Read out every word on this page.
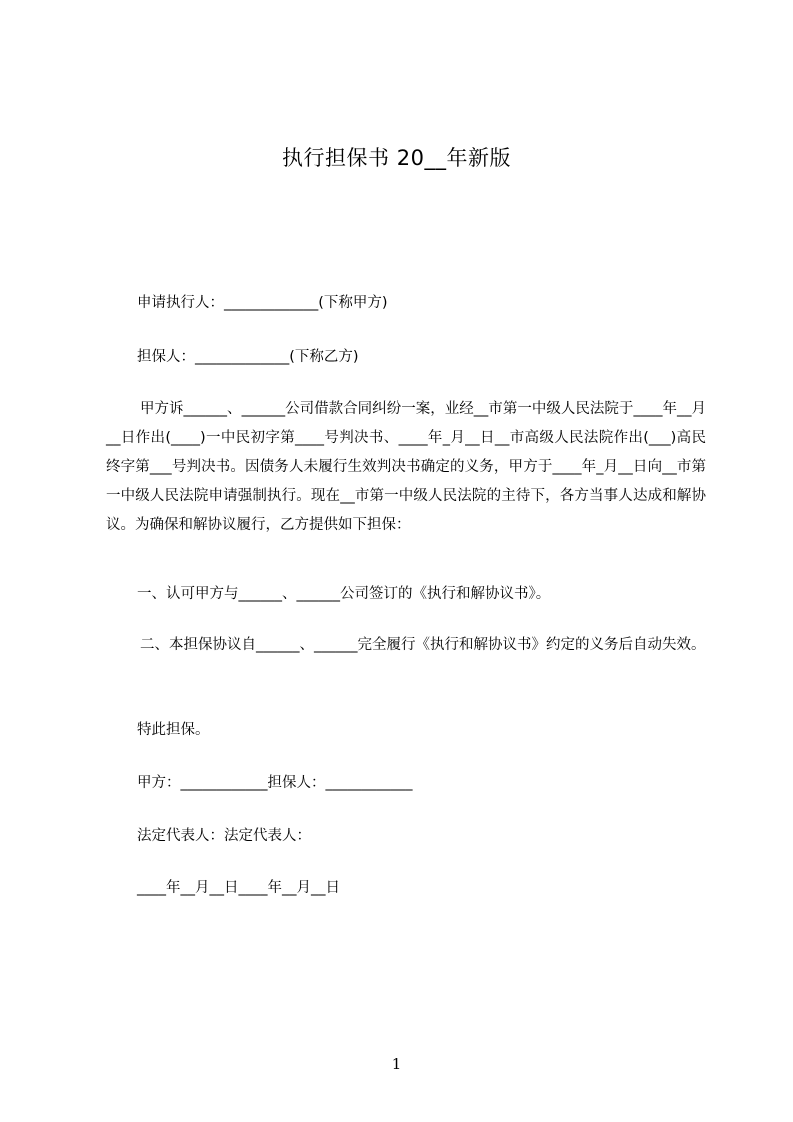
执行担保书 20__年新版
申请执行人：_____________(下称甲方)
担保人：_____________(下称乙方)
甲方诉______、______公司借款合同纠纷一案，业经__市第一中级人民法院于____年__月__日作出(____)一中民初字第____号判决书、____年_月__日__市高级人民法院作出(___)高民终字第___号判决书。因债务人未履行生效判决书确定的义务，甲方于____年_月__日向__市第一中级人民法院申请强制执行。现在__市第一中级人民法院的主待下，各方当事人达成和解协议。为确保和解协议履行，乙方提供如下担保：
一、认可甲方与______、______公司签订的《执行和解协议书》。
二、本担保协议自______、______完全履行《执行和解协议书》约定的义务后自动失效。
特此担保。
甲方：____________担保人：____________
法定代表人：法定代表人：
____年__月__日____年__月__日
1
